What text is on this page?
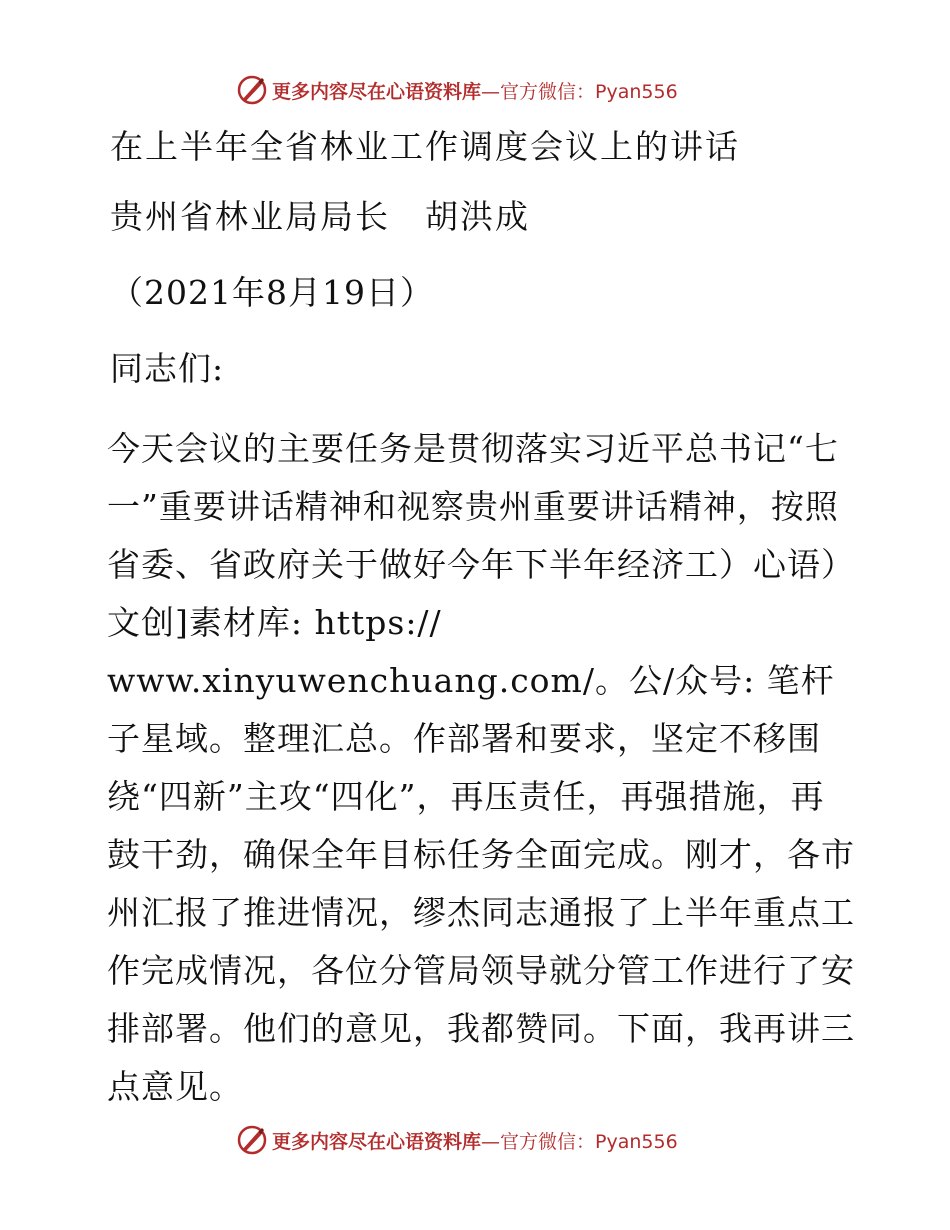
更多内容尽在心语资料库 —官方微信：Pyan556
在上半年全省林业工作调度会议上的讲话
贵州省林业局局长　胡洪成
（2021年8月19日）
同志们:

今天会议的主要任务是贯彻落实习近平总书记“七一”重要讲话精神和视察贵州重要讲话精神，按照省委、省政府关于做好今年下半年经济工）心语）文创]素材库: https:// www.xinyuwenchuang.com/。公/众号: 笔杆子星域。整理汇总。作部署和要求，坚定不移围绕“四新”主攻“四化”，再压责任，再强措施，再鼓干劲，确保全年目标任务全面完成。刚才，各市州汇报了推进情况，缪杰同志通报了上半年重点工作完成情况，各位分管局领导就分管工作进行了安排部署。他们的意见，我都赞同。下面，我再讲三点意见。

更多内容尽在心语资料库 —官方微信：Pyan556
